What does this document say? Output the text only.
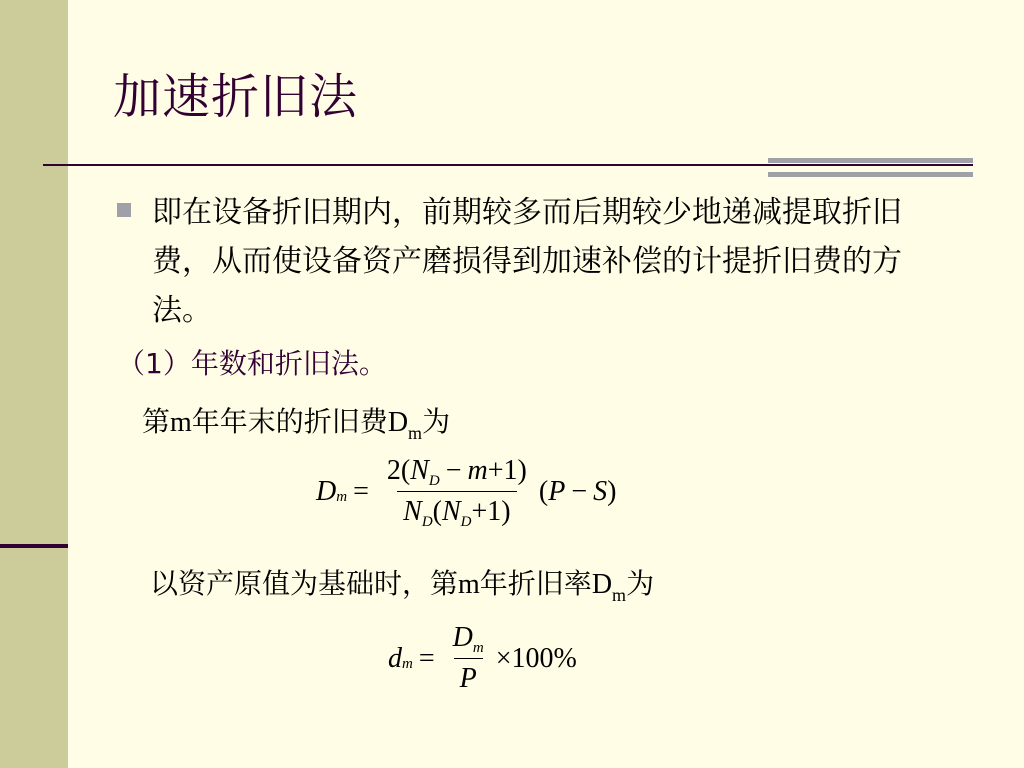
加速折旧法
即在设备折旧期内，前期较多而后期较少地递减提取折旧费，从而使设备资产磨损得到加速补偿的计提折旧费的方法。
（1）年数和折旧法。
第m年年末的折旧费$D_m$为
D $m = \frac{2(N_D - m+1)}{N_D(N_D+1)} (P - S)$
以资产原值为基础时，第m年折旧率$D_m$为
d $m = \frac{D_m}{P} \times 100\%$
